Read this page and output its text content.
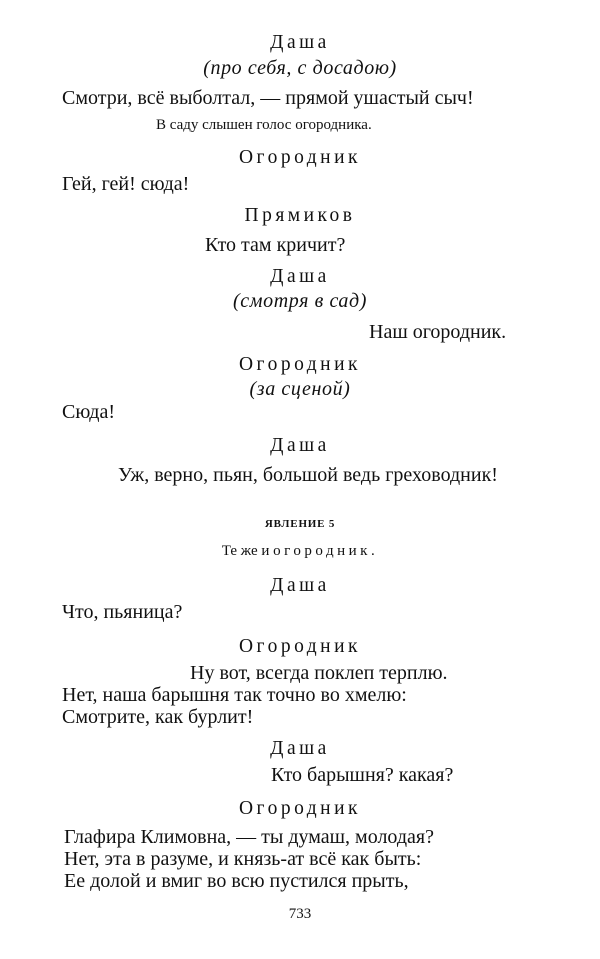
Даша
(про себя, с досадою)
Смотри, всё выболтал, — прямой ушастый сыч!
В саду слышен голос огородника.
Огородник
Гей, гей! сюда!
Прямиков
Кто там кричит?
Даша
(смотря в сад)
Наш огородник.
Огородник
(за сценой)
Сюда!
Даша
Уж, верно, пьян, большой ведь греховодник!
ЯВЛЕНИЕ 5
Те же и огородник.
Даша
Что, пьяница?
Огородник
Ну вот, всегда поклеп терплю.
Нет, наша барышня так точно во хмелю:
Смотрите, как бурлит!
Даша
Кто барышня? какая?
Огородник
Глафира Климовна, — ты думаш, молодая?
Нет, эта в разуме, и князь-ат всё как быть:
Ее долой и вмиг во всю пустился прыть,
733
